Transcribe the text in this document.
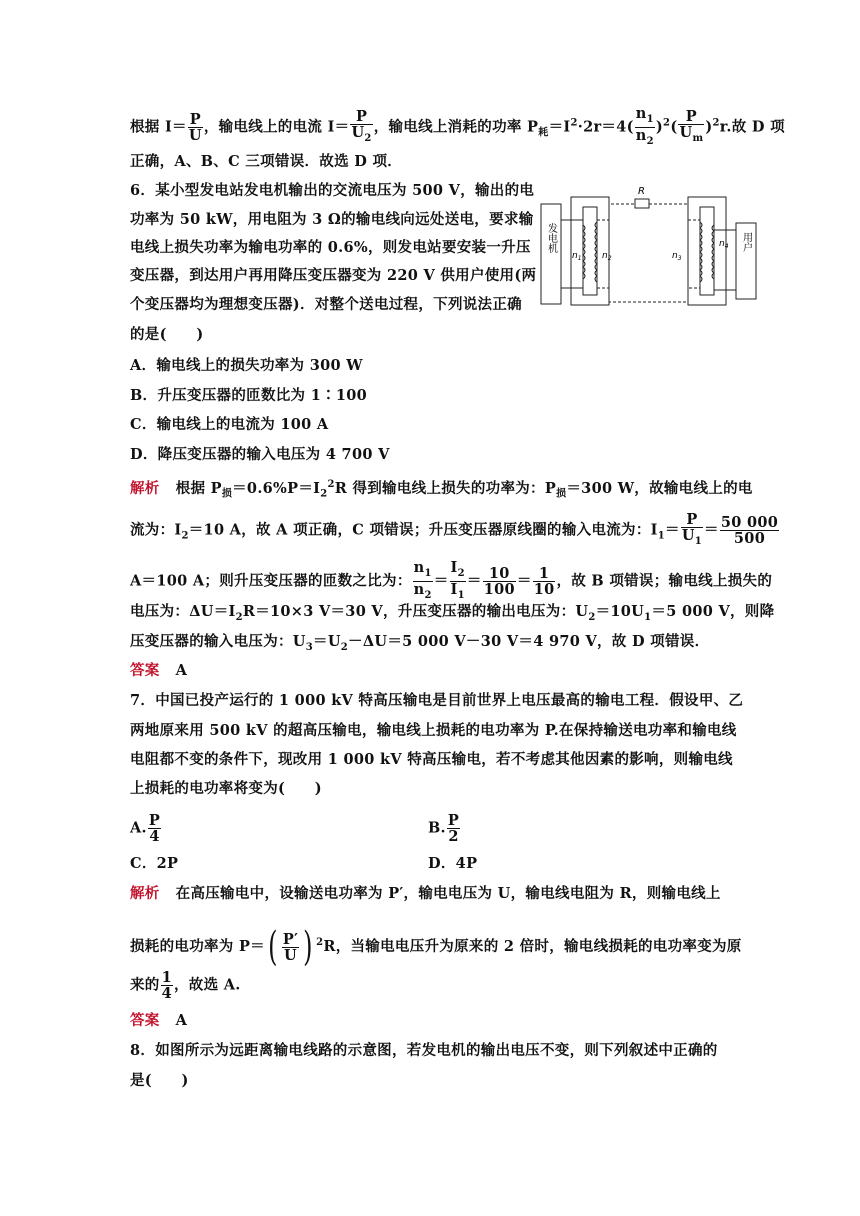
根据 $I= \frac{P}{U}$ ，输电线上的电流 $I= \frac{P}{U_2}$ ，输电线上消耗的功率 $P_耗=I^2\cdot 2r=4( \frac{n_1}{n_2} )^2( \frac{P}{U_m} )^2r$.故 D 项
正确，A、B、C 三项错误．故选 D 项．
6．某小型发电站发电机输出的交流电压为 500 V，输出的电
功率为 50 kW，用电阻为 3 Ω的输电线向远处送电，要求输
电线上损失功率为输电功率的 0.6%，则发电站要安装一升压
变压器，到达用户再用降压变压器变为 220 V 供用户使用(两
个变压器均为理想变压器)．对整个送电过程，下列说法正确
的是(　　)
发电机	用户
R
$n_1$ $n_2$	$n_3$
$n_4$
A．输电线上的损失功率为 300 W
B．升压变压器的匝数比为 1∶100
C．输电线上的电流为 100 A
D．降压变压器的输入电压为 4 700 V
解析 根据 $P_损=0.6\%P=I_2^2R$ 得到输电线上损失的功率为：$P_损=300$ W，故输电线上的电
流为：$I_2=10$ A，故 A 项正确，C 项错误；升压变压器原线圈的输入电流为：$I_1= \frac{P}{U_1} = \frac{50 000}{500}$
A＝100 A；则升压变压器的匝数之比为： $\frac{n_1}{n_2} = \frac{I_2}{I_1} = \frac{10}{100} = \frac{1}{10}$ ，故 B 项错误；输电线上损失的
电压为：$\Delta U=I_2R=10\times 3$ V＝30 V，升压变压器的输出电压为：$U_2=10U_1=5$ 000 V，则降
压变压器的输入电压为：$U_3=U_2-\Delta U=5$ 000 V－30 V＝4 970 V，故 D 项错误．
答案 A
7．中国已投产运行的 1 000 kV 特高压输电是目前世界上电压最高的输电工程．假设甲、乙
两地原来用 500 kV 的超高压输电，输电线上损耗的电功率为 P.在保持输送电功率和输电线
电阻都不变的条件下，现改用 1 000 kV 特高压输电，若不考虑其他因素的影响，则输电线
上损耗的电功率将变为(　　)
A. $\frac{P}{4}$	B. $\frac{P}{2}$
C．2P	D．4P
解析 在高压输电中，设输送电功率为 P′，输电电压为 U，输电线电阻为 R，则输电线上
损耗的电功率为 $P=( \frac{P'}{U}$ ) $^2$R，当输电电压升为原来的 2 倍时，输电线损耗的电功率变为原
来的 $\frac{1}{4}$ ，故选 A.
答案 A
8．如图所示为远距离输电线路的示意图，若发电机的输出电压不变，则下列叙述中正确的
是(　　)
